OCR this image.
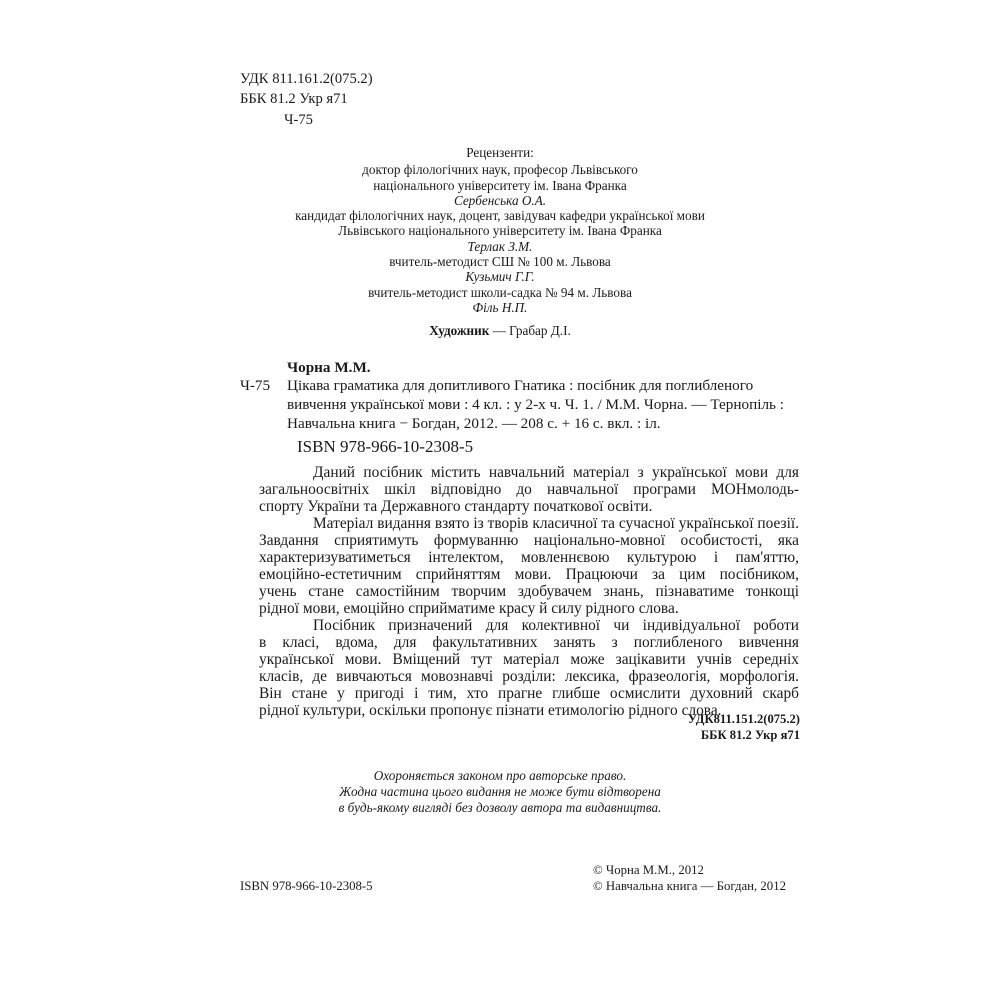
УДК 811.161.2(075.2)
ББК 81.2 Укр я71
Ч-75
Рецензенти:
доктор філологічних наук, професор Львівського
національного університету ім. Івана Франка
Сербенська О.А.
кандидат філологічних наук, доцент, завідувач кафедри української мови
Львівського національного університету ім. Івана Франка
Терлак З.М.
вчитель-методист СШ № 100 м. Львова
Кузьмич Г.Г.
вчитель-методист школи-садка № 94 м. Львова
Філь Н.П.
Художник — Грабар Д.І.
Чорна М.М.
Ч-75 Цікава граматика для допитливого Гнатика : посібник для поглибленого
вивчення української мови : 4 кл. : у 2-х ч. Ч. 1. / М.М. Чорна. — Тернопіль :
Навчальна книга − Богдан, 2012. — 208 с. + 16 с. вкл. : іл.
ISBN 978-966-10-2308-5
Даний посібник містить навчальний матеріал з української мови для
загальноосвітніх шкіл відповідно до навчальної програми МОНмолодь-
спорту України та Державного стандарту початкової освіти.
Матеріал видання взято із творів класичної та сучасної української поезії.
Завдання сприятимуть формуванню національно-мовної особистості, яка
характеризуватиметься інтелектом, мовленнєвою культурою і пам'яттю,
емоційно-естетичним сприйняттям мови. Працюючи за цим посібником,
учень стане самостійним творчим здобувачем знань, пізнаватиме тонкощі
рідної мови, емоційно сприйматиме красу й силу рідного слова.
Посібник призначений для колективної чи індивідуальної роботи
в класі, вдома, для факультативних занять з поглибленого вивчення
української мови. Вміщений тут матеріал може зацікавити учнів середніх
класів, де вивчаються мовознавчі розділи: лексика, фразеологія, морфологія.
Він стане у пригоді і тим, хто прагне глибше осмислити духовний скарб
рідної культури, оскільки пропонує пізнати етимологію рідного слова.
УДК811.151.2(075.2)
ББК 81.2 Укр я71
Охороняється законом про авторське право.
Жодна частина цього видання не може бути відтворена
в будь-якому вигляді без дозволу автора та видавництва.
© Чорна М.М., 2012
ISBN 978-966-10-2308-5	© Навчальна книга — Богдан, 2012
